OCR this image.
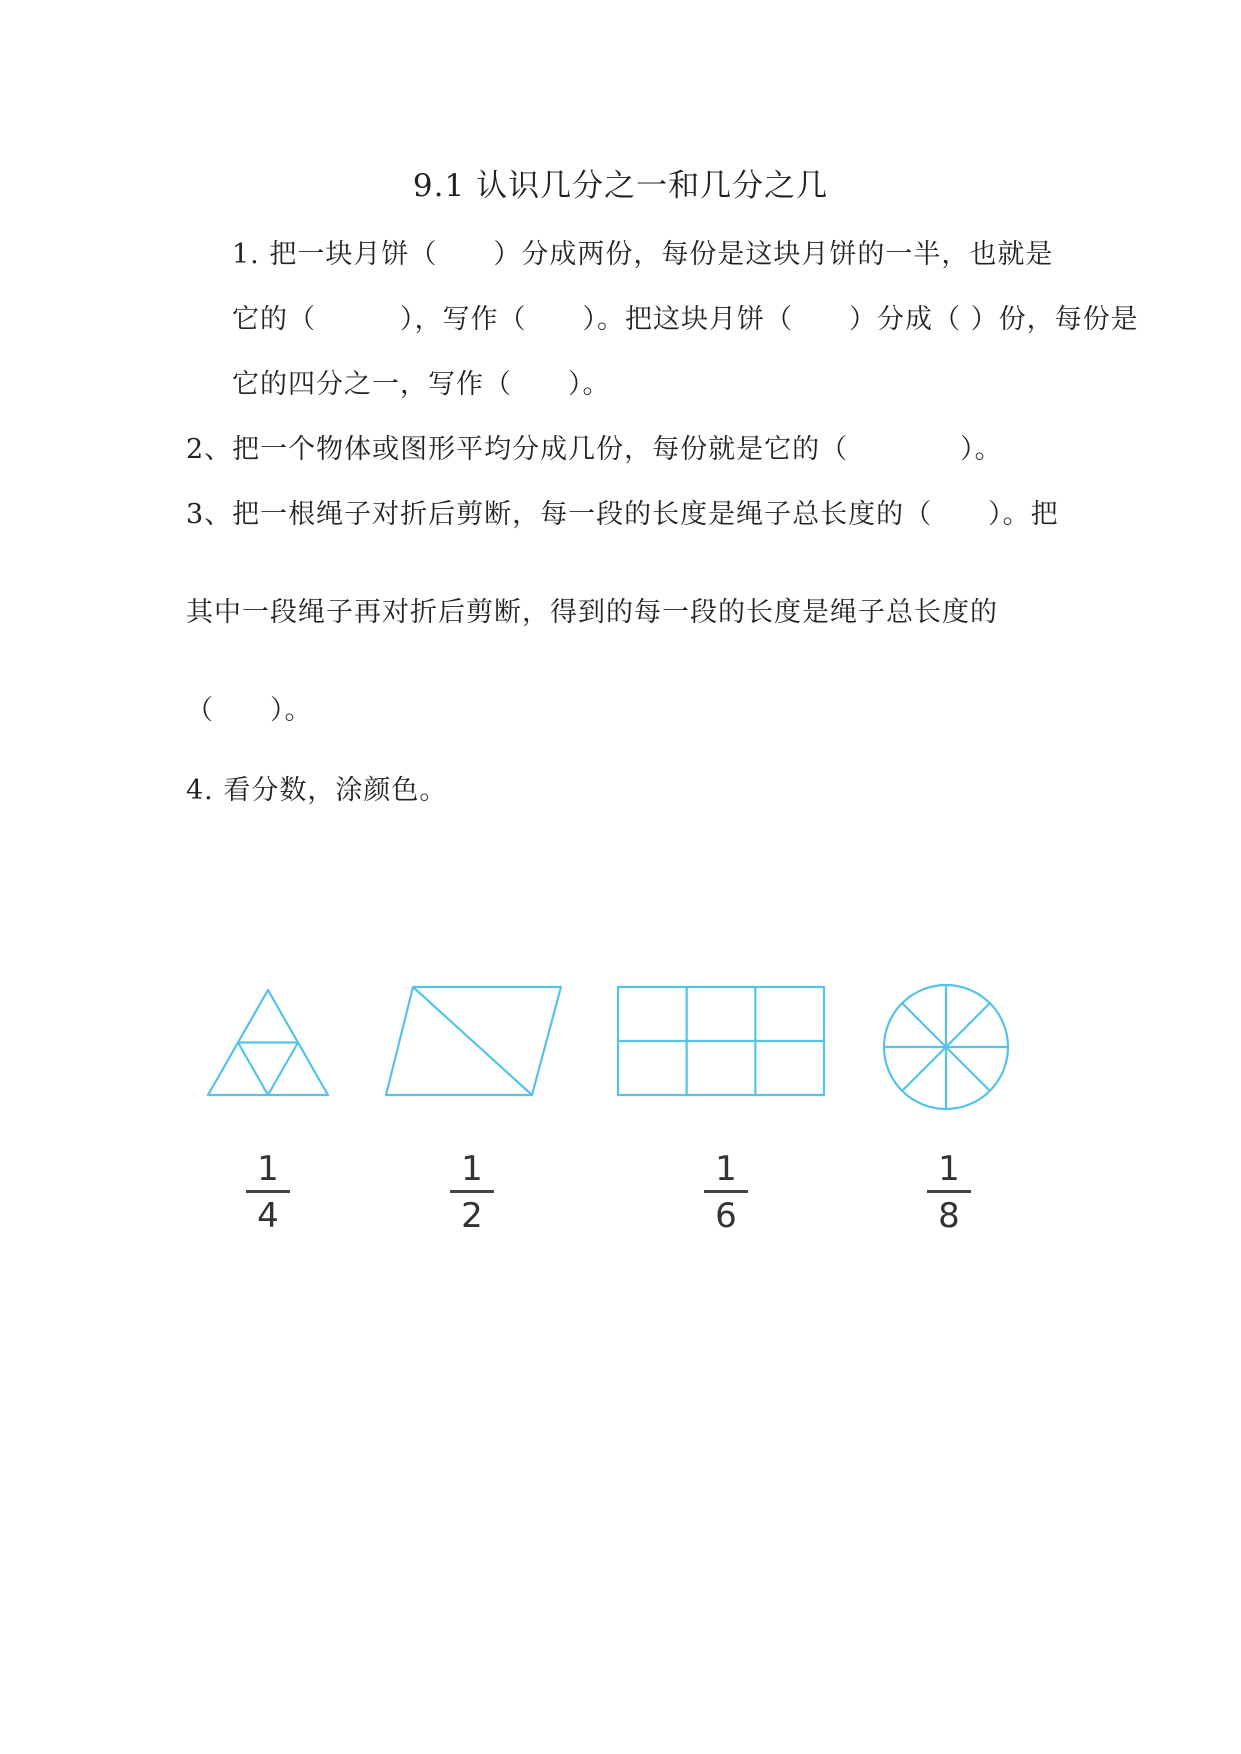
9.1 认识几分之一和几分之几
1. 把一块月饼（　　）分成两份，每份是这块月饼的一半，也就是
它的（　　　），写作（　　）。把这块月饼（　　）分成（ ）份，每份是
它的四分之一，写作（　　）。
2、把一个物体或图形平均分成几份，每份就是它的（　　　　）。
3、把一根绳子对折后剪断，每一段的长度是绳子总长度的（　　）。把
其中一段绳子再对折后剪断，得到的每一段的长度是绳子总长度的
（　　）。
4. 看分数，涂颜色。
1
4
1
2
1
6
1
8
